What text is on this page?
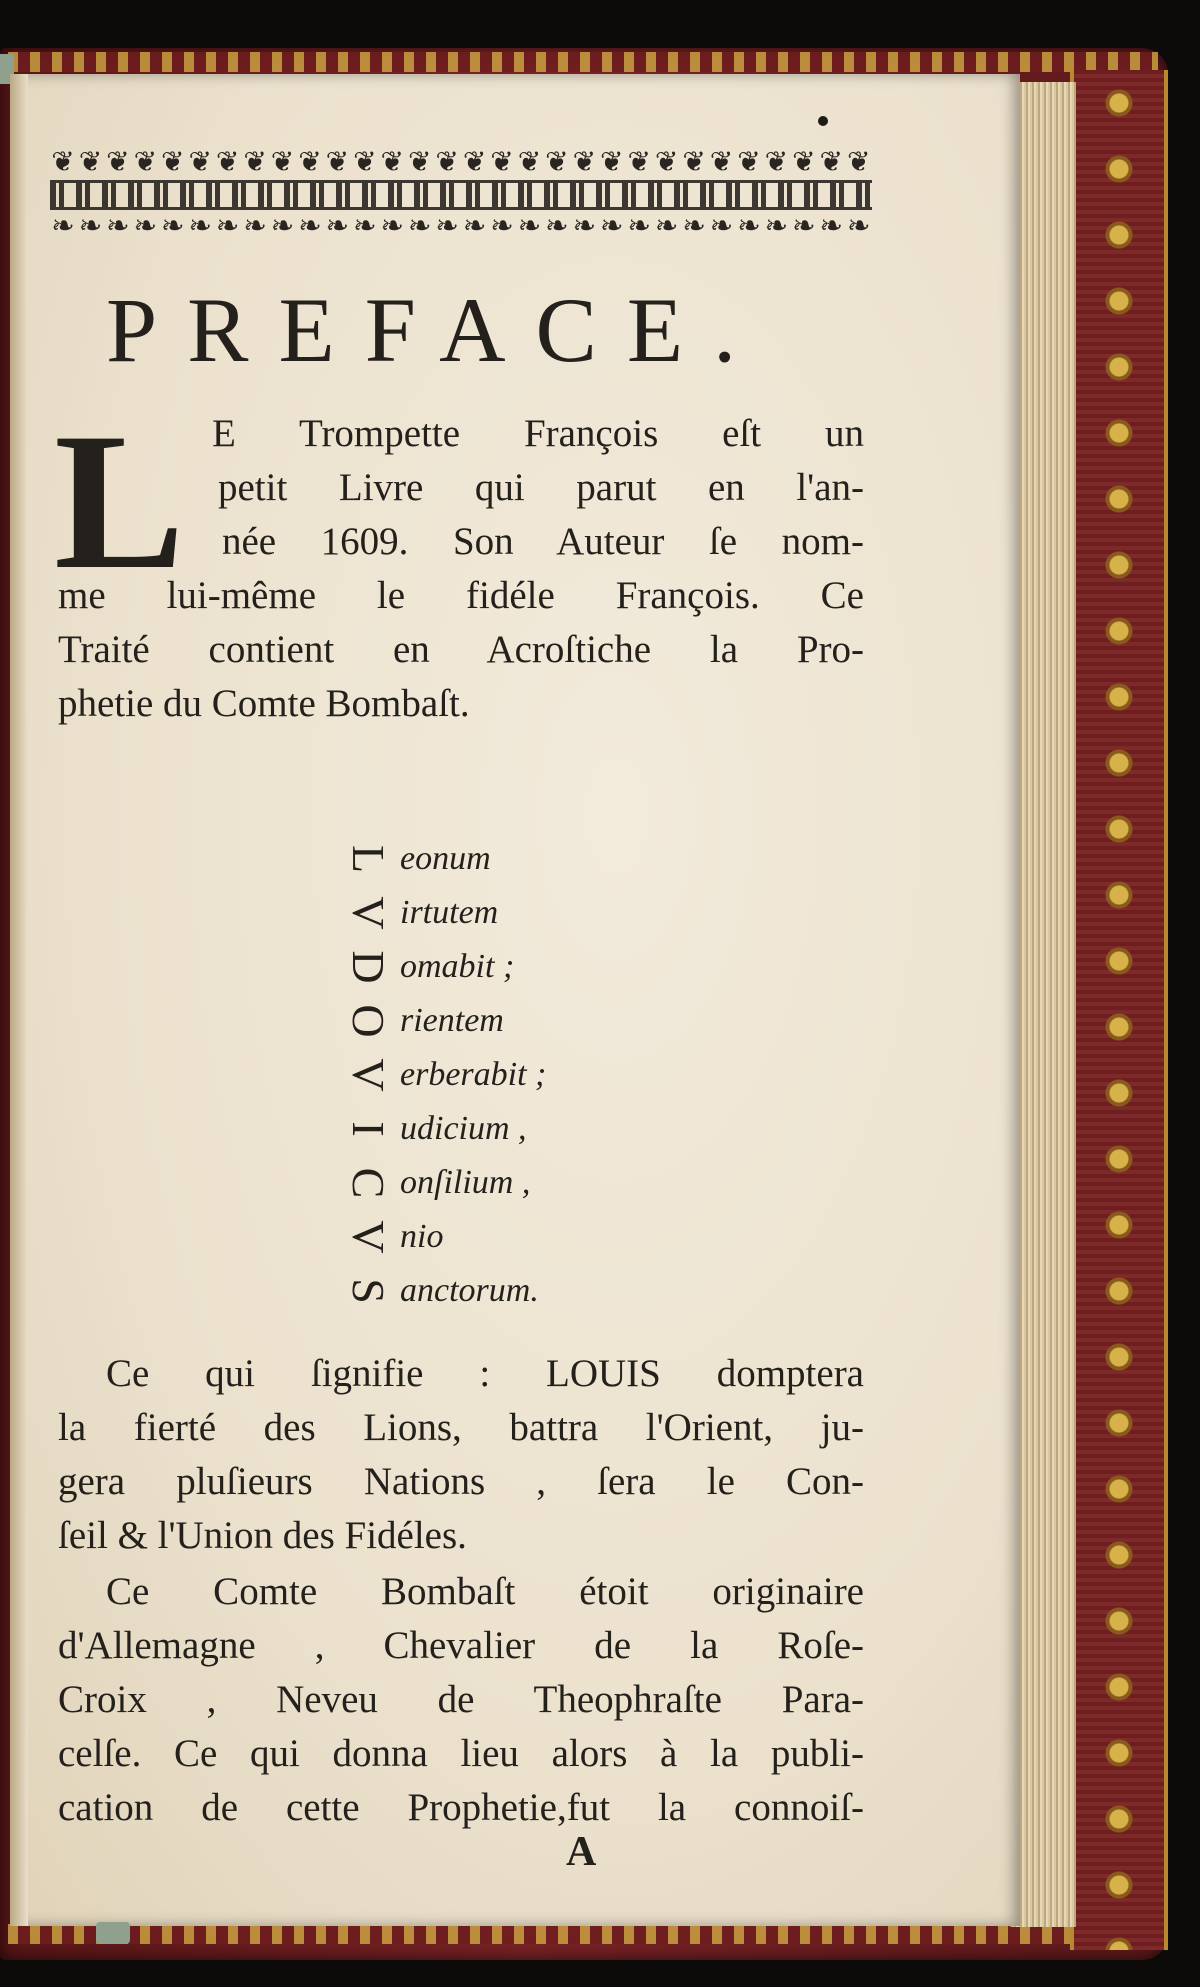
❦ ❦ ❦ ❦ ❦ ❦ ❦ ❦ ❦ ❦ ❦ ❦ ❦ ❦ ❦ ❦ ❦ ❦ ❦ ❦ ❦ ❦ ❦ ❦ ❦ ❦ ❦ ❦ ❦ ❦
❧ ❧ ❧ ❧ ❧ ❧ ❧ ❧ ❧ ❧ ❧ ❧ ❧ ❧ ❧ ❧ ❧ ❧ ❧ ❧ ❧ ❧ ❧ ❧ ❧ ❧ ❧ ❧ ❧ ❧
PREFACE.
L E Trompette François eſt un
petit Livre qui parut en l'an-
née 1609. Son Auteur ſe nom-
me lui-même le fidéle François. Ce
Traité contient en Acroſtiche la Pro-
phetie du Comte Bombaſt.
L eonum
V irtutem
D omabit ;
O rientem
V erberabit ;
I udicium ,
C onſilium ,
V nio
S anctorum.
Ce qui ſignifie : LOUIS domptera
la fierté des Lions, battra l'Orient, ju-
gera pluſieurs Nations , ſera le Con-
ſeil & l'Union des Fidéles.
Ce Comte Bombaſt étoit originaire
d'Allemagne , Chevalier de la Roſe-
Croix , Neveu de Theophraſte Para-
celſe. Ce qui donna lieu alors à la publi-
cation de cette Prophetie,fut la connoiſ-
A
